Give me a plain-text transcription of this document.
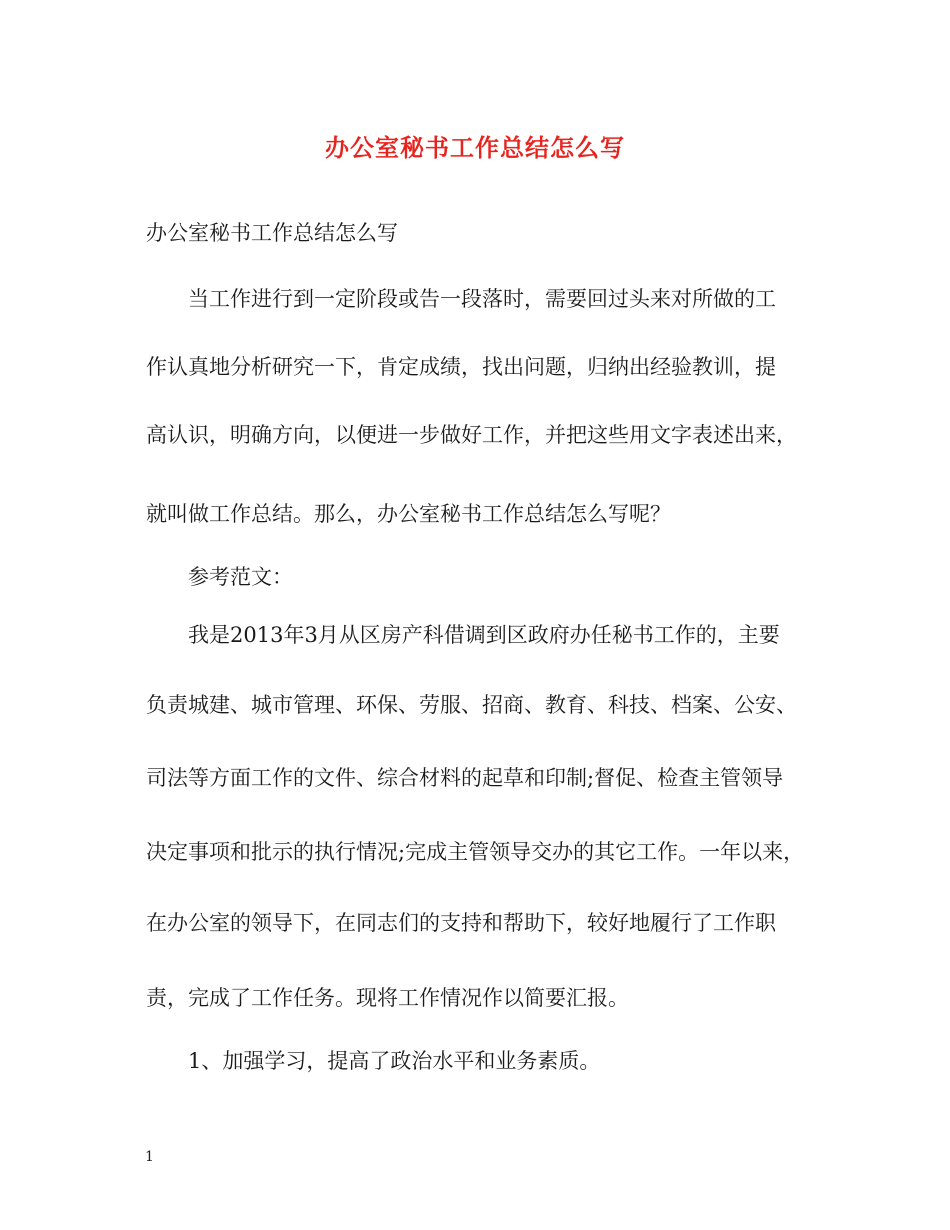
办公室秘书工作总结怎么写

办公室秘书工作总结怎么写

当工作进行到一定阶段或告一段落时，需要回过头来对所做的工

作认真地分析研究一下，肯定成绩，找出问题，归纳出经验教训，提

高认识，明确方向，以便进一步做好工作，并把这些用文字表述出来，

就叫做工作总结。那么，办公室秘书工作总结怎么写呢？

参考范文：

我是2013年3月从区房产科借调到区政府办任秘书工作的，主要

负责城建、城市管理、环保、劳服、招商、教育、科技、档案、公安、

司法等方面工作的文件、综合材料的起草和印制;督促、检查主管领导

决定事项和批示的执行情况;完成主管领导交办的其它工作。一年以来，

在办公室的领导下，在同志们的支持和帮助下，较好地履行了工作职

责，完成了工作任务。现将工作情况作以简要汇报。

1、加强学习，提高了政治水平和业务素质。

1
